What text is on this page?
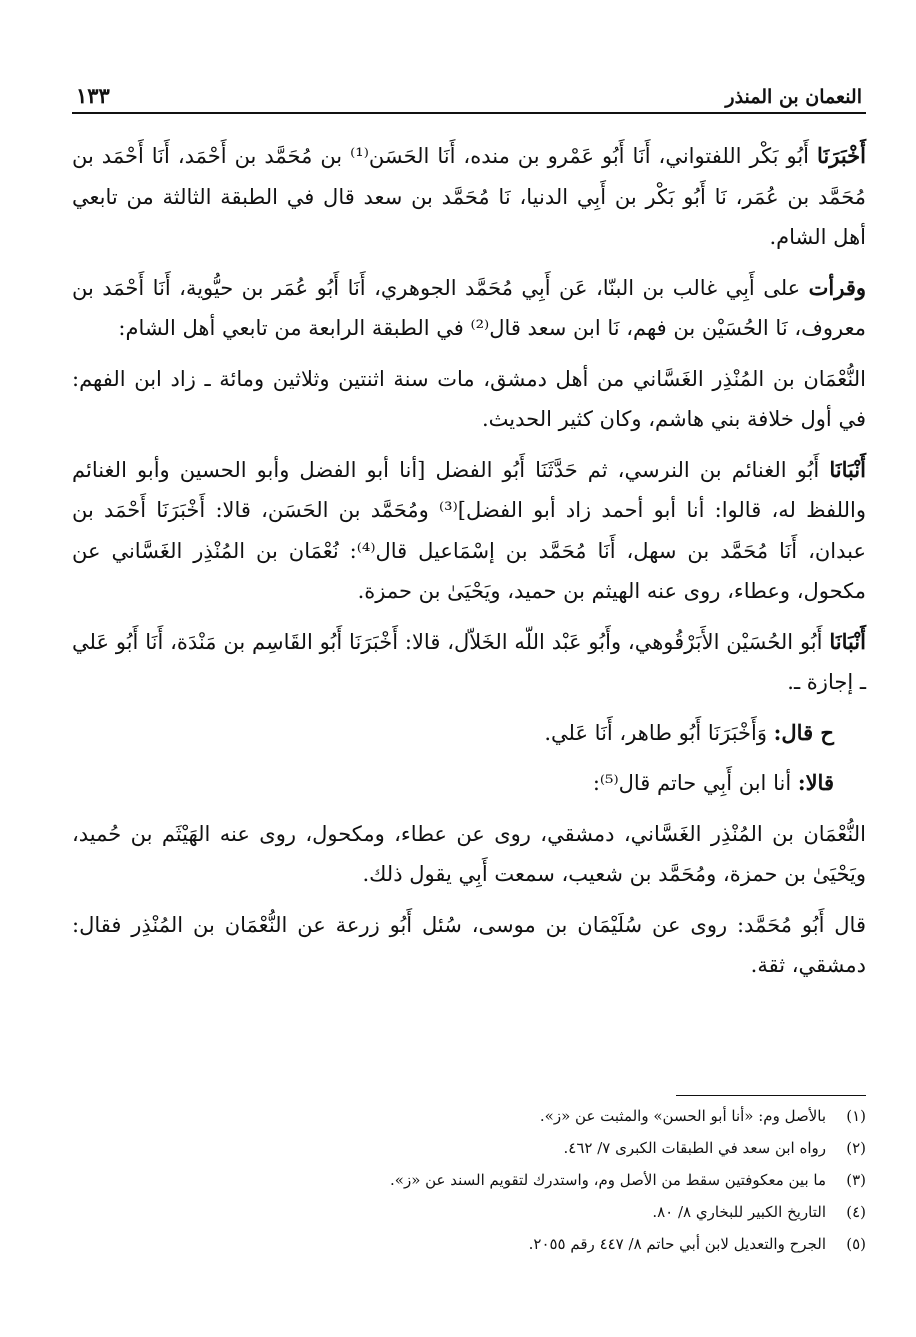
النعمان بن المنذر
١٣٣

أَخْبَرَنَا أَبُو بَكْر اللفتواني، أَنَا أَبُو عَمْرو بن منده، أَنَا الحَسَن⁽¹⁾ بن مُحَمَّد بن أَحْمَد، أَنَا أَحْمَد بن مُحَمَّد بن عُمَر، نَا أَبُو بَكْر بن أَبِي الدنيا، نَا مُحَمَّد بن سعد قال في الطبقة الثالثة من تابعي أهل الشام.

وقرأت على أَبِي غالب بن البنّا، عَن أَبِي مُحَمَّد الجوهري، أَنَا أَبُو عُمَر بن حيُّوية، أَنَا أَحْمَد بن معروف، نَا الحُسَيْن بن فهم، نَا ابن سعد قال⁽²⁾ في الطبقة الرابعة من تابعي أهل الشام:

النُّعْمَان بن المُنْذِر الغَسَّاني من أهل دمشق، مات سنة اثنتين وثلاثين ومائة ـ زاد ابن الفهم: في أول خلافة بني هاشم، وكان كثير الحديث.

أَنْبَانَا أَبُو الغنائم بن النرسي، ثم حَدَّثَنَا أَبُو الفضل [أنا أبو الفضل وأبو الحسين وأبو الغنائم واللفظ له، قالوا: أنا أبو أحمد زاد أبو الفضل]⁽³⁾ ومُحَمَّد بن الحَسَن، قالا: أَخْبَرَنَا أَحْمَد بن عبدان، أَنَا مُحَمَّد بن سهل، أَنَا مُحَمَّد بن إسْمَاعيل قال⁽⁴⁾: نُعْمَان بن المُنْذِر الغَسَّاني عن مكحول، وعطاء، روى عنه الهيثم بن حميد، ويَحْيَىٰ بن حمزة.

أَنْبَانَا أَبُو الحُسَيْن الأَبَرْقُوهي، وأَبُو عَبْد اللّه الخَلاّل، قالا: أَخْبَرَنَا أَبُو القَاسِم بن مَنْدَة، أَنَا أَبُو عَلي ـ إجازة ـ.

ح قال: وَأَخْبَرَنَا أَبُو طاهر، أَنَا عَلي.

قالا: أنا ابن أَبِي حاتم قال⁽⁵⁾:

النُّعْمَان بن المُنْذِر الغَسَّاني، دمشقي، روى عن عطاء، ومكحول، روى عنه الهَيْثَم بن حُميد، ويَحْيَىٰ بن حمزة، ومُحَمَّد بن شعيب، سمعت أَبِي يقول ذلك.

قال أَبُو مُحَمَّد: روى عن سُلَيْمَان بن موسى، سُئل أَبُو زرعة عن النُّعْمَان بن المُنْذِر فقال: دمشقي، ثقة.

(١)
بالأصل وم: «أنا أبو الحسن» والمثبت عن «ز».

(٢)
رواه ابن سعد في الطبقات الكبرى ٧/ ٤٦٢.

(٣)
ما بين معكوفتين سقط من الأصل وم، واستدرك لتقويم السند عن «ز».

(٤)
التاريخ الكبير للبخاري ٨/ ٨٠.

(٥)
الجرح والتعديل لابن أبي حاتم ٨/ ٤٤٧ رقم ٢٠٥٥.
